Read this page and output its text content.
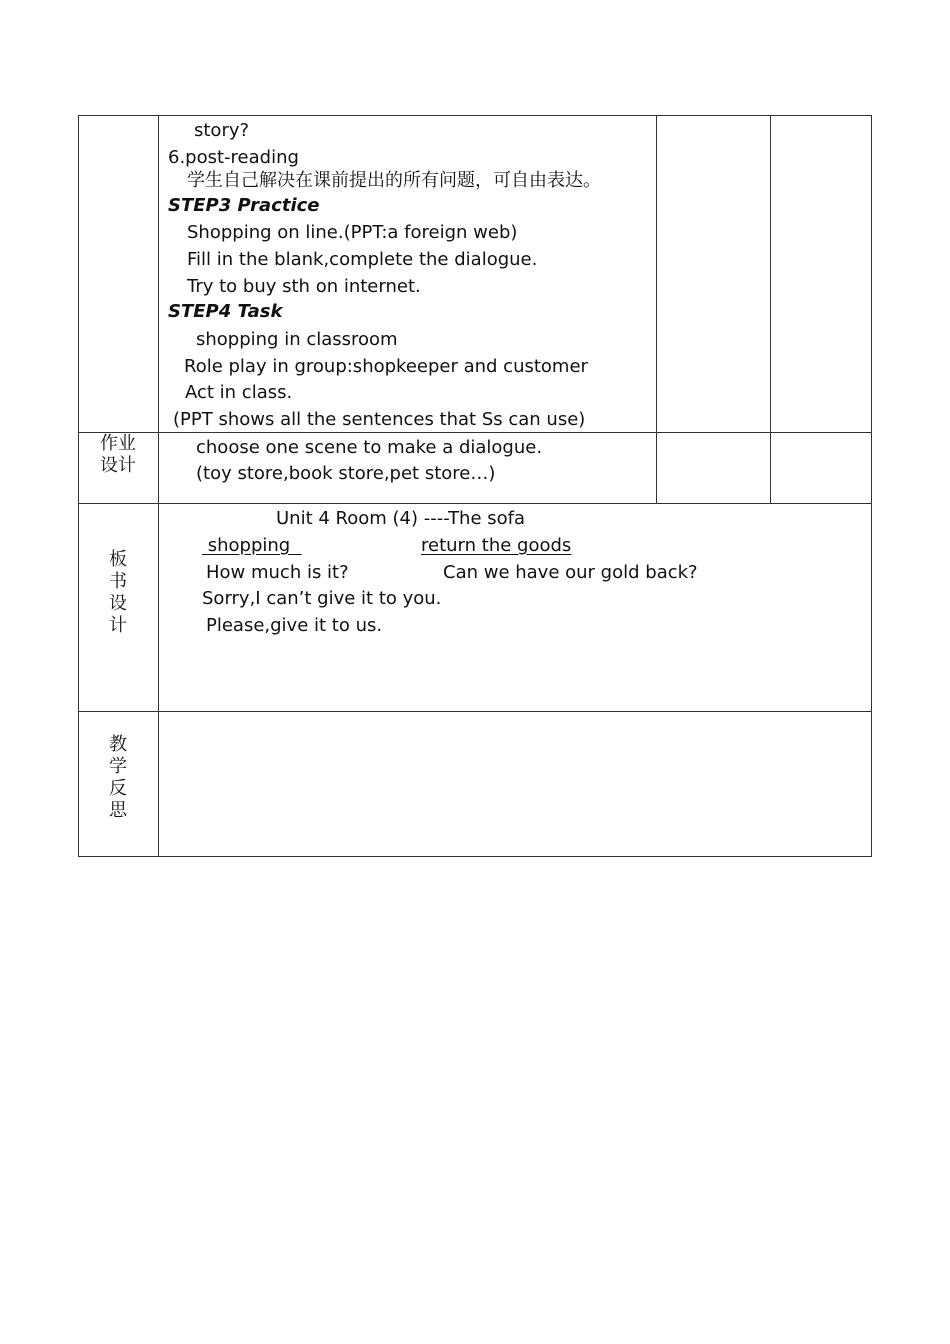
story?
6.post-reading
学生自己解决在课前提出的所有问题，可自由表达。
STEP3 Practice
Shopping on line.(PPT:a foreign web)
Fill in the blank,complete the dialogue.
Try to buy sth on internet.
STEP4 Task
shopping in classroom
Role play in group:shopkeeper and customer
Act in class.
(PPT shows all the sentences that Ss can use)
作业
设计
choose one scene to make a dialogue.
(toy store,book store,pet store…)
板
书
设
计
Unit 4 Room (4) ----The sofa
shopping	return the goods
How much is it?	Can we have our gold back?
Sorry,I can’t give it to you.
Please,give it to us.
教
学
反
思
